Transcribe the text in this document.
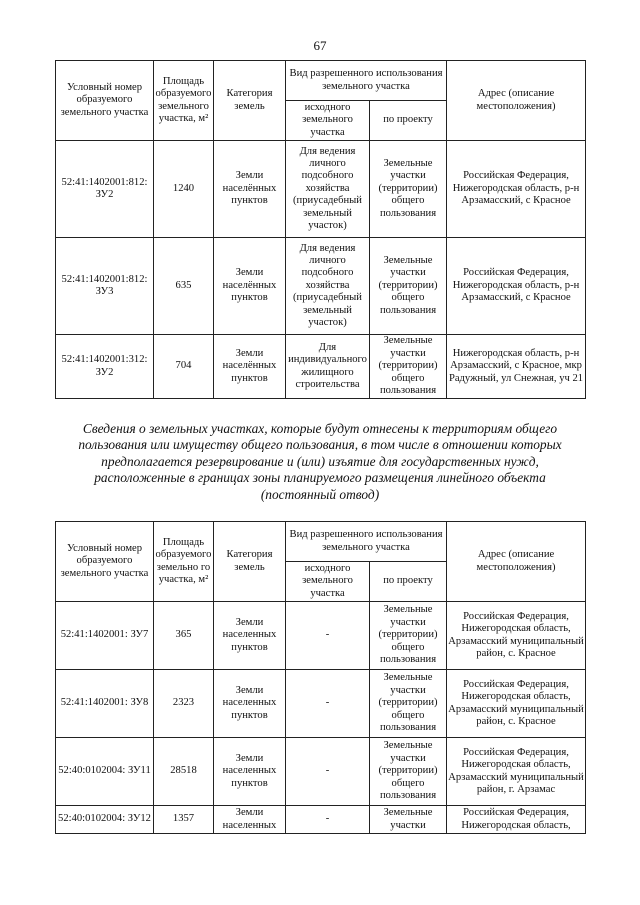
67
Условный номер образуемого земельного участка	Площадь образуемого земельного участка, м²	Категория земель	Вид разрешенного использования земельного участка		Адрес (описание местоположения)
			исходного земельного участка	по проекту	
52:41:1402001:812: ЗУ2	1240	Земли населённых пунктов	Для ведения личного подсобного хозяйства (приусадебный земельный участок)	Земельные участки (территории) общего пользования	Российская Федерация, Нижегородская область, р-н Арзамасский, с Красное
52:41:1402001:812: ЗУ3	635	Земли населённых пунктов	Для ведения личного подсобного хозяйства (приусадебный земельный участок)	Земельные участки (территории) общего пользования	Российская Федерация, Нижегородская область, р-н Арзамасский, с Красное
52:41:1402001:312: ЗУ2	704	Земли населённых пунктов	Для индивидуального жилищного строительства	Земельные участки (территории) общего пользования	Нижегородская область, р-н Арзамасский, с Красное, мкр Радужный, ул Снежная, уч 21
Сведения о земельных участках, которые будут отнесены к территориям общего пользования или имуществу общего пользования, в том числе в отношении которых предполагается резервирование и (или) изъятие для государственных нужд, расположенные в границах зоны планируемого размещения линейного объекта (постоянный отвод)
Условный номер образуемого земельного участка	Площадь образуемого земельно го участка, м²	Категория земель	Вид разрешенного использования земельного участка		Адрес (описание местоположения)
			исходного земельного участка	по проекту	
52:41:1402001: ЗУ7	365	Земли населенных пунктов	-	Земельные участки (территории) общего пользования	Российская Федерация, Нижегородская область, Арзамасский муниципальный район, с. Красное
52:41:1402001: ЗУ8	2323	Земли населенных пунктов	-	Земельные участки (территории) общего пользования	Российская Федерация, Нижегородская область, Арзамасский муниципальный район, с. Красное
52:40:0102004: ЗУ11	28518	Земли населенных пунктов	-	Земельные участки (территории) общего пользования	Российская Федерация, Нижегородская область, Арзамасский муниципальный район, г. Арзамас
52:40:0102004: ЗУ12	1357	Земли населенных	-	Земельные участки	Российская Федерация, Нижегородская область,
